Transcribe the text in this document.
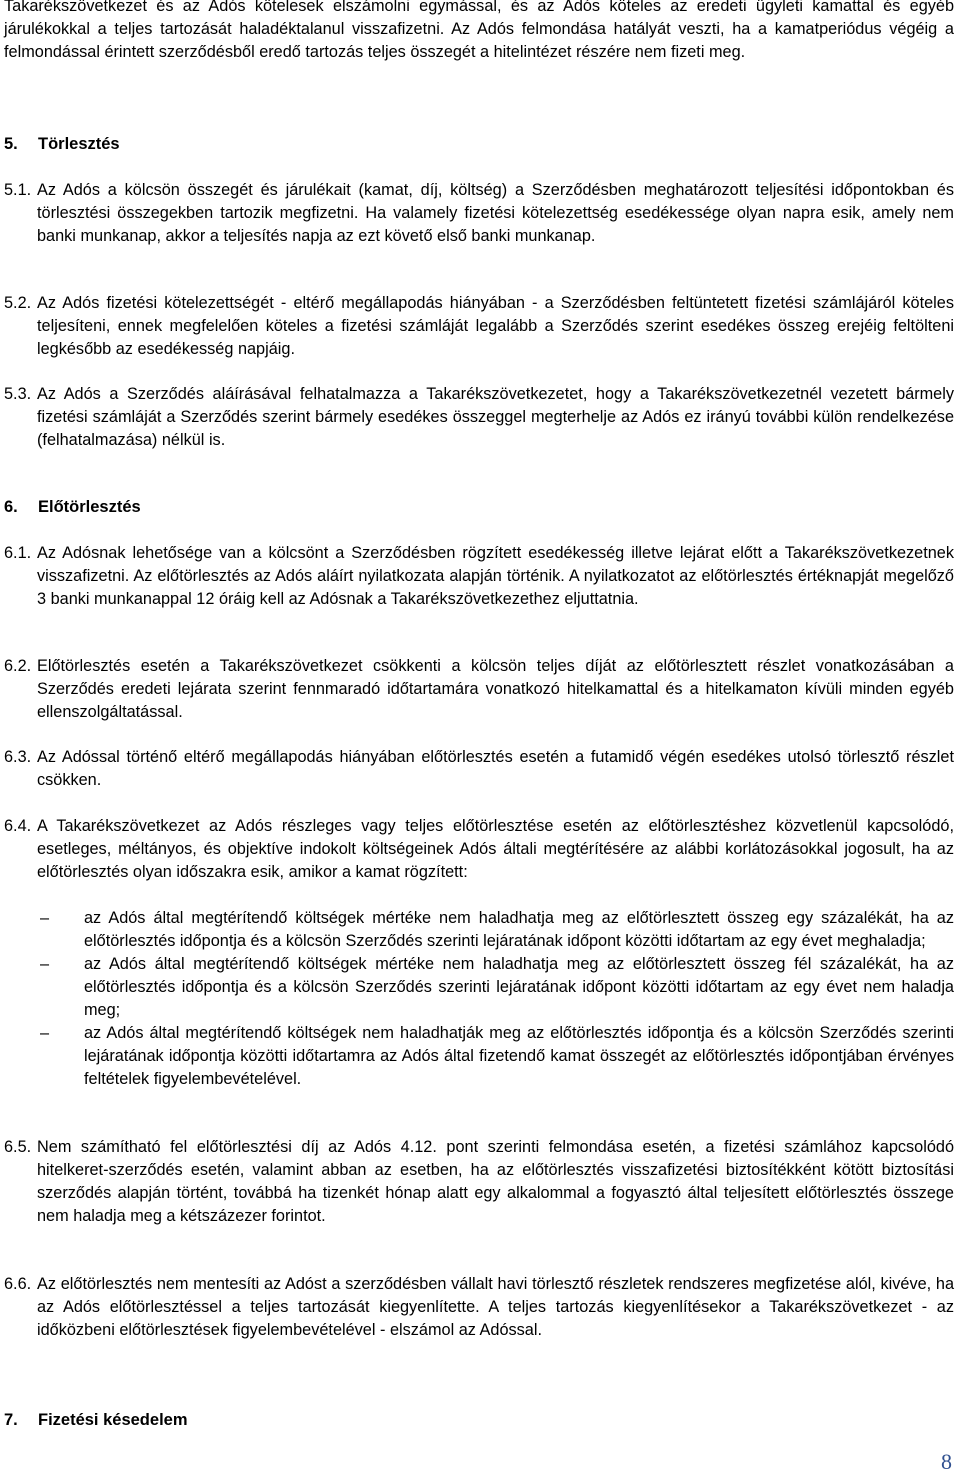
Takarékszövetkezet és az Adós kötelesek elszámolni egymással, és az Adós köteles az eredeti ügyleti kamattal és egyéb járulékokkal a teljes tartozását haladéktalanul visszafizetni. Az Adós felmondása hatályát veszti, ha a kamatperiódus végéig a felmondással érintett szerződésből eredő tartozás teljes összegét a hitelintézet részére nem fizeti meg.
5. Törlesztés
5.1. Az Adós a kölcsön összegét és járulékait (kamat, díj, költség) a Szerződésben meghatározott teljesítési időpontokban és törlesztési összegekben tartozik megfizetni. Ha valamely fizetési kötelezettség esedékessége olyan napra esik, amely nem banki munkanap, akkor a teljesítés napja az ezt követő első banki munkanap.
5.2. Az Adós fizetési kötelezettségét - eltérő megállapodás hiányában - a Szerződésben feltüntetett fizetési számlájáról köteles teljesíteni, ennek megfelelően köteles a fizetési számláját legalább a Szerződés szerint esedékes összeg erejéig feltölteni legkésőbb az esedékesség napjáig.
5.3. Az Adós a Szerződés aláírásával felhatalmazza a Takarékszövetkezetet, hogy a Takarékszövetkezetnél vezetett bármely fizetési számláját a Szerződés szerint bármely esedékes összeggel megterhelje az Adós ez irányú további külön rendelkezése (felhatalmazása) nélkül is.
6. Előtörlesztés
6.1. Az Adósnak lehetősége van a kölcsönt a Szerződésben rögzített esedékesség illetve lejárat előtt a Takarékszövetkezetnek visszafizetni. Az előtörlesztés az Adós aláírt nyilatkozata alapján történik. A nyilatkozatot az előtörlesztés értéknapját megelőző 3 banki munkanappal 12 óráig kell az Adósnak a Takarékszövetkezethez eljuttatnia.
6.2. Előtörlesztés esetén a Takarékszövetkezet csökkenti a kölcsön teljes díját az előtörlesztett részlet vonatkozásában a Szerződés eredeti lejárata szerint fennmaradó időtartamára vonatkozó hitelkamattal és a hitelkamaton kívüli minden egyéb ellenszolgáltatással.
6.3. Az Adóssal történő eltérő megállapodás hiányában előtörlesztés esetén a futamidő végén esedékes utolsó törlesztő részlet csökken.
6.4. A Takarékszövetkezet az Adós részleges vagy teljes előtörlesztése esetén az előtörlesztéshez közvetlenül kapcsolódó, esetleges, méltányos, és objektíve indokolt költségeinek Adós általi megtérítésére az alábbi korlátozásokkal jogosult, ha az előtörlesztés olyan időszakra esik, amikor a kamat rögzített:
– az Adós által megtérítendő költségek mértéke nem haladhatja meg az előtörlesztett összeg egy százalékát, ha az előtörlesztés időpontja és a kölcsön Szerződés szerinti lejáratának időpont közötti időtartam az egy évet meghaladja;
– az Adós által megtérítendő költségek mértéke nem haladhatja meg az előtörlesztett összeg fél százalékát, ha az előtörlesztés időpontja és a kölcsön Szerződés szerinti lejáratának időpont közötti időtartam az egy évet nem haladja meg;
– az Adós által megtérítendő költségek nem haladhatják meg az előtörlesztés időpontja és a kölcsön Szerződés szerinti lejáratának időpontja közötti időtartamra az Adós által fizetendő kamat összegét az előtörlesztés időpontjában érvényes feltételek figyelembevételével.
6.5. Nem számítható fel előtörlesztési díj az Adós 4.12. pont szerinti felmondása esetén, a fizetési számlához kapcsolódó hitelkeret-szerződés esetén, valamint abban az esetben, ha az előtörlesztés visszafizetési biztosítékként kötött biztosítási szerződés alapján történt, továbbá ha tizenkét hónap alatt egy alkalommal a fogyasztó által teljesített előtörlesztés összege nem haladja meg a kétszázezer forintot.
6.6. Az előtörlesztés nem mentesíti az Adóst a szerződésben vállalt havi törlesztő részletek rendszeres megfizetése alól, kivéve, ha az Adós előtörlesztéssel a teljes tartozását kiegyenlítette. A teljes tartozás kiegyenlítésekor a Takarékszövetkezet - az időközbeni előtörlesztések figyelembevételével - elszámol az Adóssal.
7. Fizetési késedelem
8
